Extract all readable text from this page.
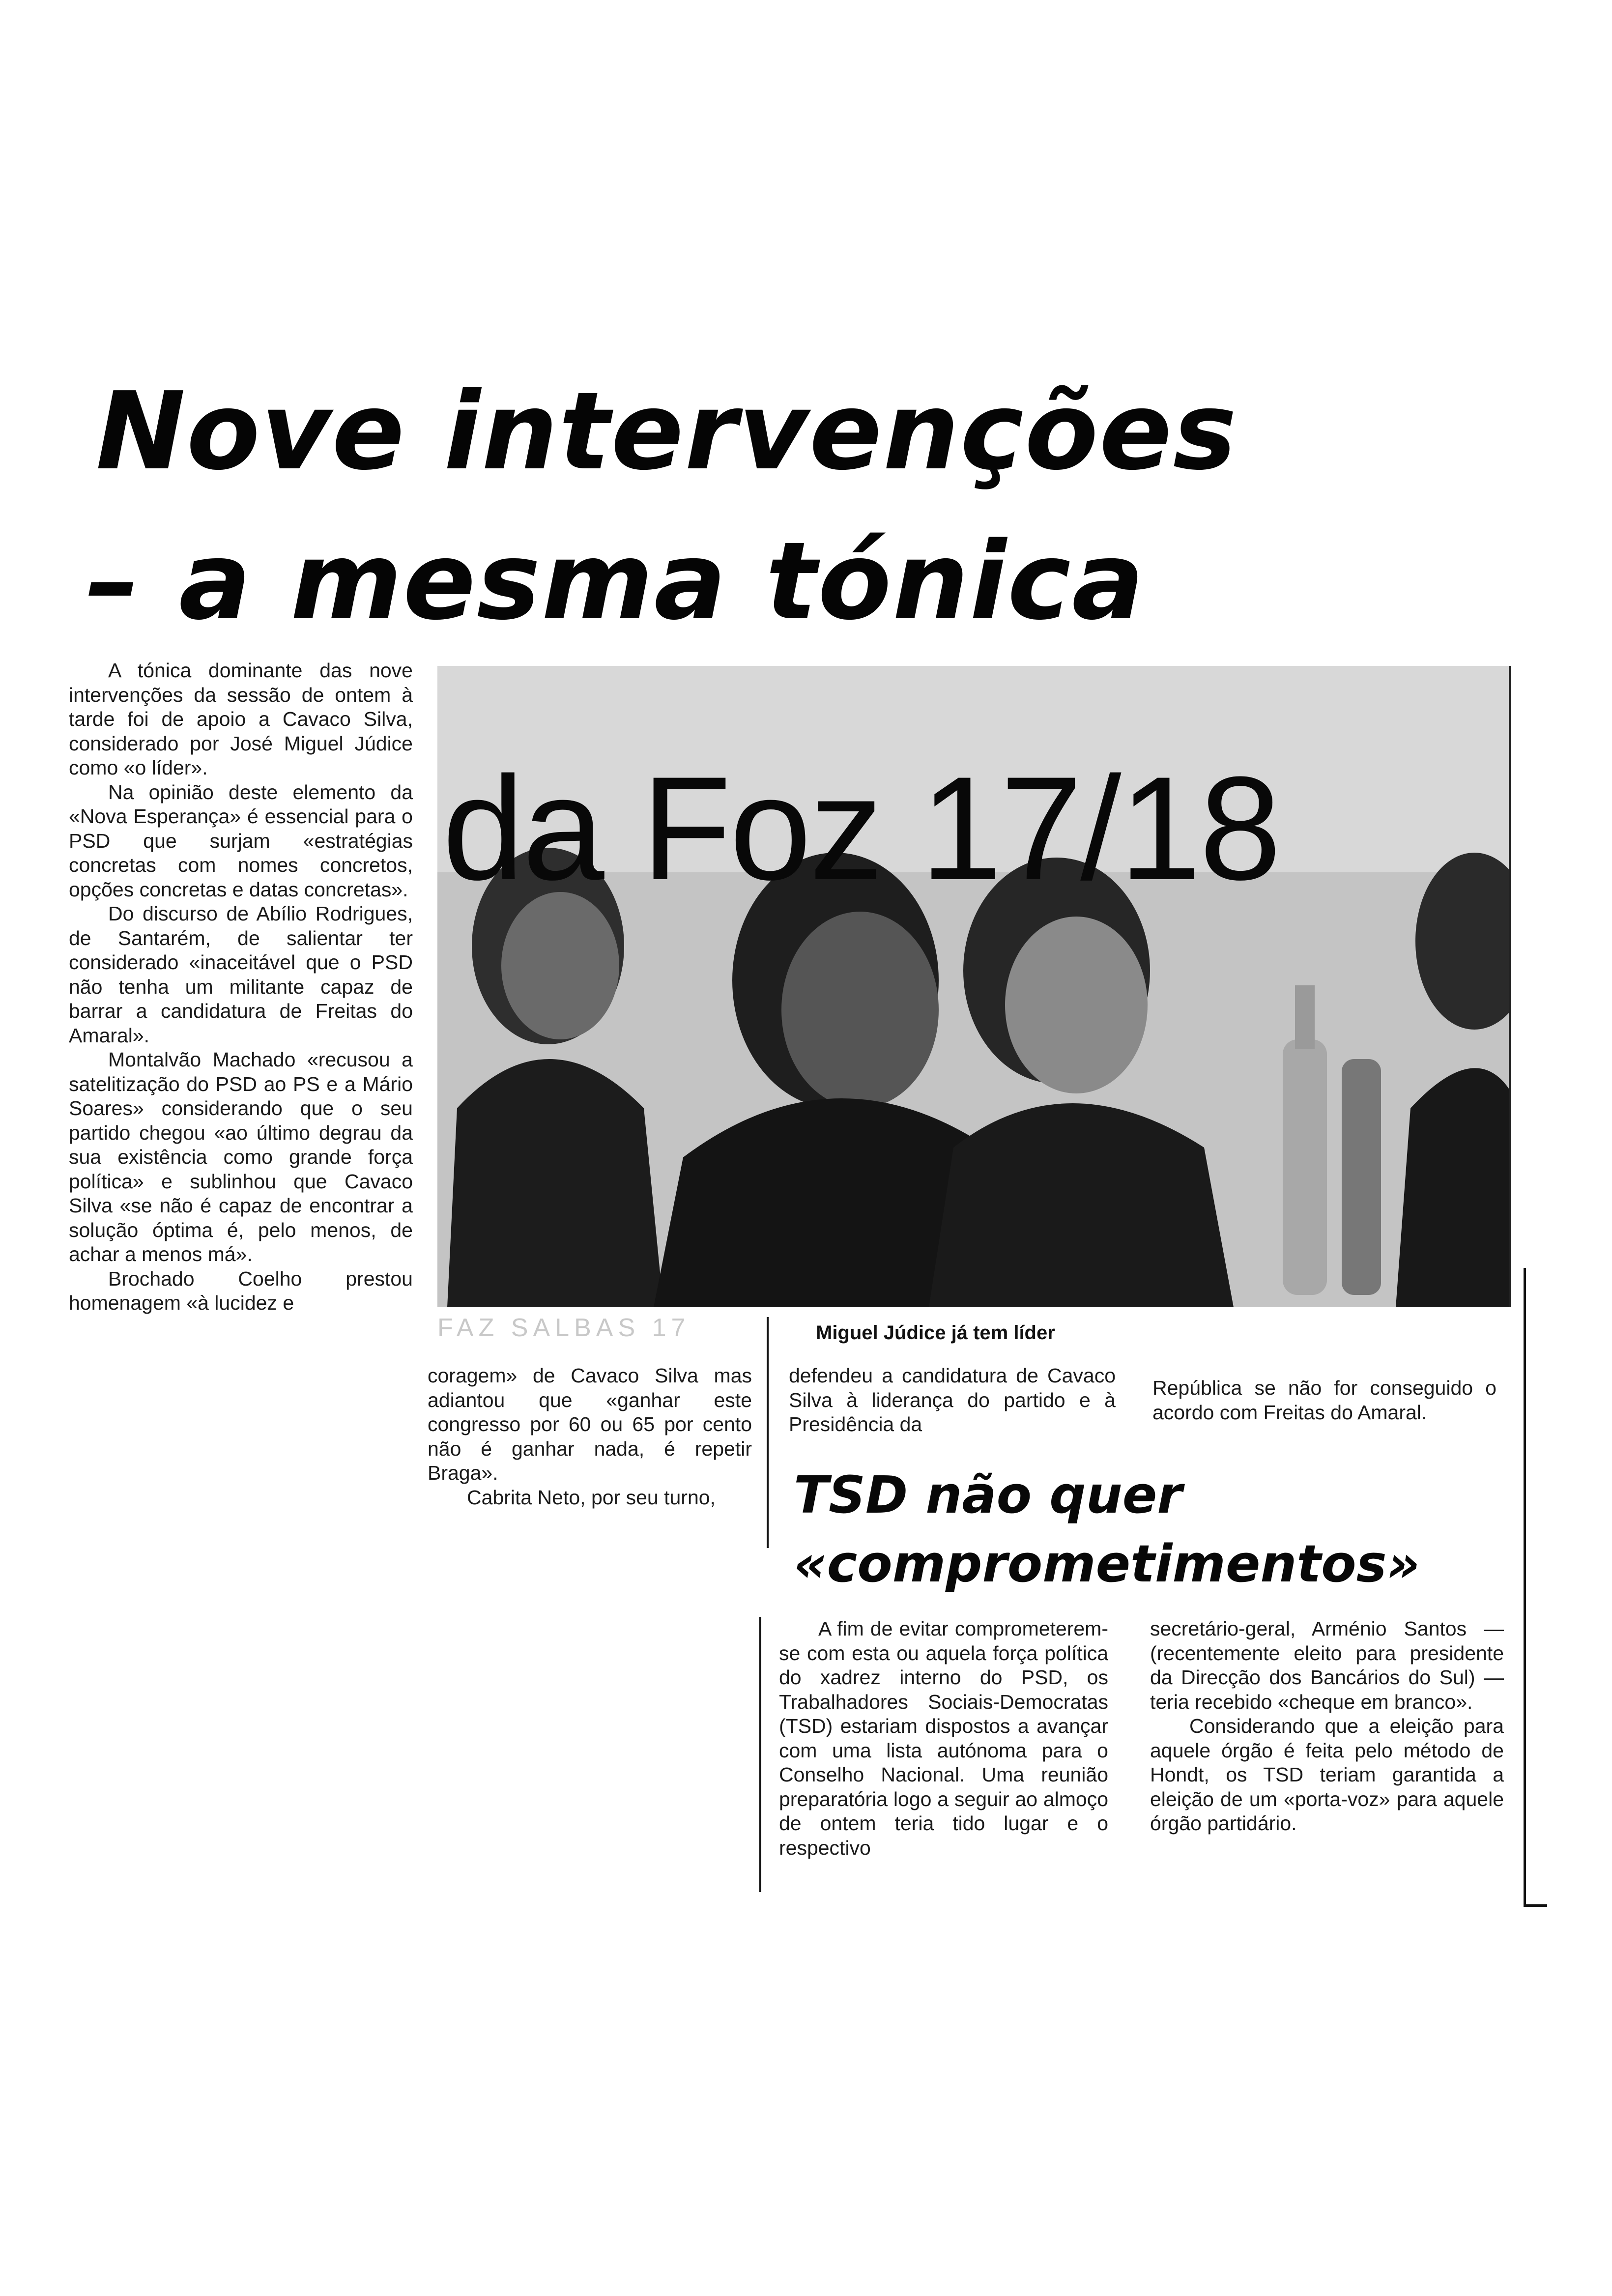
Nove intervenções
– a mesma tónica

A tónica dominante das nove intervenções da sessão de ontem à tarde foi de apoio a Cavaco Silva, considerado por José Miguel Júdice como «o líder».

Na opinião deste elemento da «Nova Esperança» é essencial para o PSD que surjam «estratégias concretas com nomes concretos, opções concretas e datas concretas».

Do discurso de Abílio Rodrigues, de Santarém, de salientar ter considerado «inaceitável que o PSD não tenha um militante capaz de barrar a candidatura de Freitas do Amaral».

Montalvão Machado «recusou a satelitização do PSD ao PS e a Mário Soares» considerando que o seu partido chegou «ao último degrau da sua existência como grande força política» e sublinhou que Cavaco Silva «se não é capaz de encontrar a solução óptima é, pelo menos, de achar a menos má».

Brochado Coelho prestou homenagem «à lucidez e

da Foz 17/18
FAZ SALBAS 17	Miguel Júdice já tem líder

coragem» de Cavaco Silva mas adiantou que «ganhar este congresso por 60 ou 65 por cento não é ganhar nada, é repetir Braga».

Cabrita Neto, por seu turno,

defendeu a candidatura de Cavaco Silva à liderança do partido e à Presidência da

República se não for conseguido o acordo com Freitas do Amaral.

TSD não quer
«comprometimentos»

A fim de evitar comprometerem-se com esta ou aquela força política do xadrez interno do PSD, os Trabalhadores Sociais-Democratas (TSD) estariam dispostos a avançar com uma lista autónoma para o Conselho Nacional. Uma reunião preparatória logo a seguir ao almoço de ontem teria tido lugar e o respectivo

secretário-geral, Arménio Santos — (recentemente eleito para presidente da Direcção dos Bancários do Sul) — teria recebido «cheque em branco».

Considerando que a eleição para aquele órgão é feita pelo método de Hondt, os TSD teriam garantida a eleição de um «porta-voz» para aquele órgão partidário.
